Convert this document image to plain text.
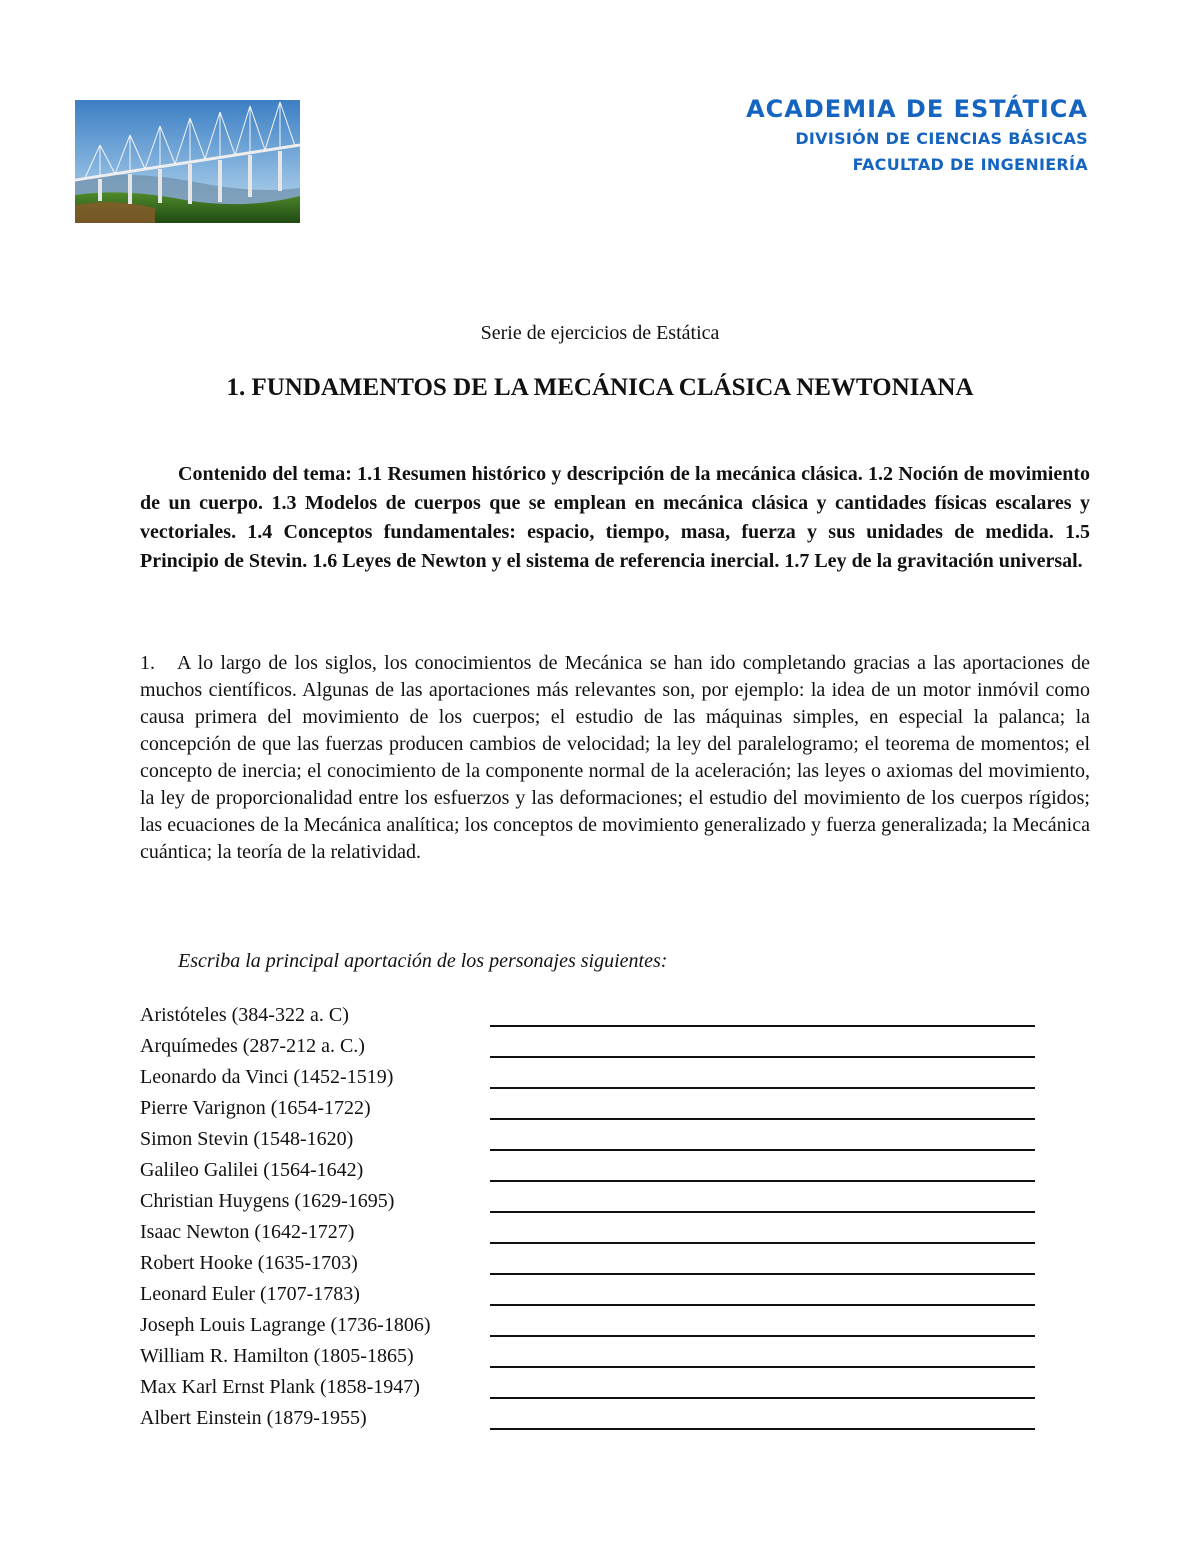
ACADEMIA DE ESTÁTICA
DIVISIÓN DE CIENCIAS BÁSICAS
FACULTAD DE INGENIERÍA
Serie de ejercicios de Estática
1. FUNDAMENTOS DE LA MECÁNICA CLÁSICA NEWTONIANA
Contenido del tema: 1.1 Resumen histórico y descripción de la mecánica clásica. 1.2 Noción de movimiento de un cuerpo. 1.3 Modelos de cuerpos que se emplean en mecánica clásica y cantidades físicas escalares y vectoriales. 1.4 Conceptos fundamentales: espacio, tiempo, masa, fuerza y sus unidades de medida. 1.5 Principio de Stevin. 1.6 Leyes de Newton y el sistema de referencia inercial. 1.7 Ley de la gravitación universal.
1. A lo largo de los siglos, los conocimientos de Mecánica se han ido completando gracias a las aportaciones de muchos científicos. Algunas de las aportaciones más relevantes son, por ejemplo: la idea de un motor inmóvil como causa primera del movimiento de los cuerpos; el estudio de las máquinas simples, en especial la palanca; la concepción de que las fuerzas producen cambios de velocidad; la ley del paralelogramo; el teorema de momentos; el concepto de inercia; el conocimiento de la componente normal de la aceleración; las leyes o axiomas del movimiento, la ley de proporcionalidad entre los esfuerzos y las deformaciones; el estudio del movimiento de los cuerpos rígidos; las ecuaciones de la Mecánica analítica; los conceptos de movimiento generalizado y fuerza generalizada; la Mecánica cuántica; la teoría de la relatividad.
Escriba la principal aportación de los personajes siguientes:
Aristóteles (384-322 a. C)
Arquímedes (287-212 a. C.)
Leonardo da Vinci (1452-1519)
Pierre Varignon (1654-1722)
Simon Stevin (1548-1620)
Galileo Galilei (1564-1642)
Christian Huygens (1629-1695)
Isaac Newton (1642-1727)
Robert Hooke (1635-1703)
Leonard Euler (1707-1783)
Joseph Louis Lagrange (1736-1806)
William R. Hamilton (1805-1865)
Max Karl Ernst Plank (1858-1947)
Albert Einstein (1879-1955)
